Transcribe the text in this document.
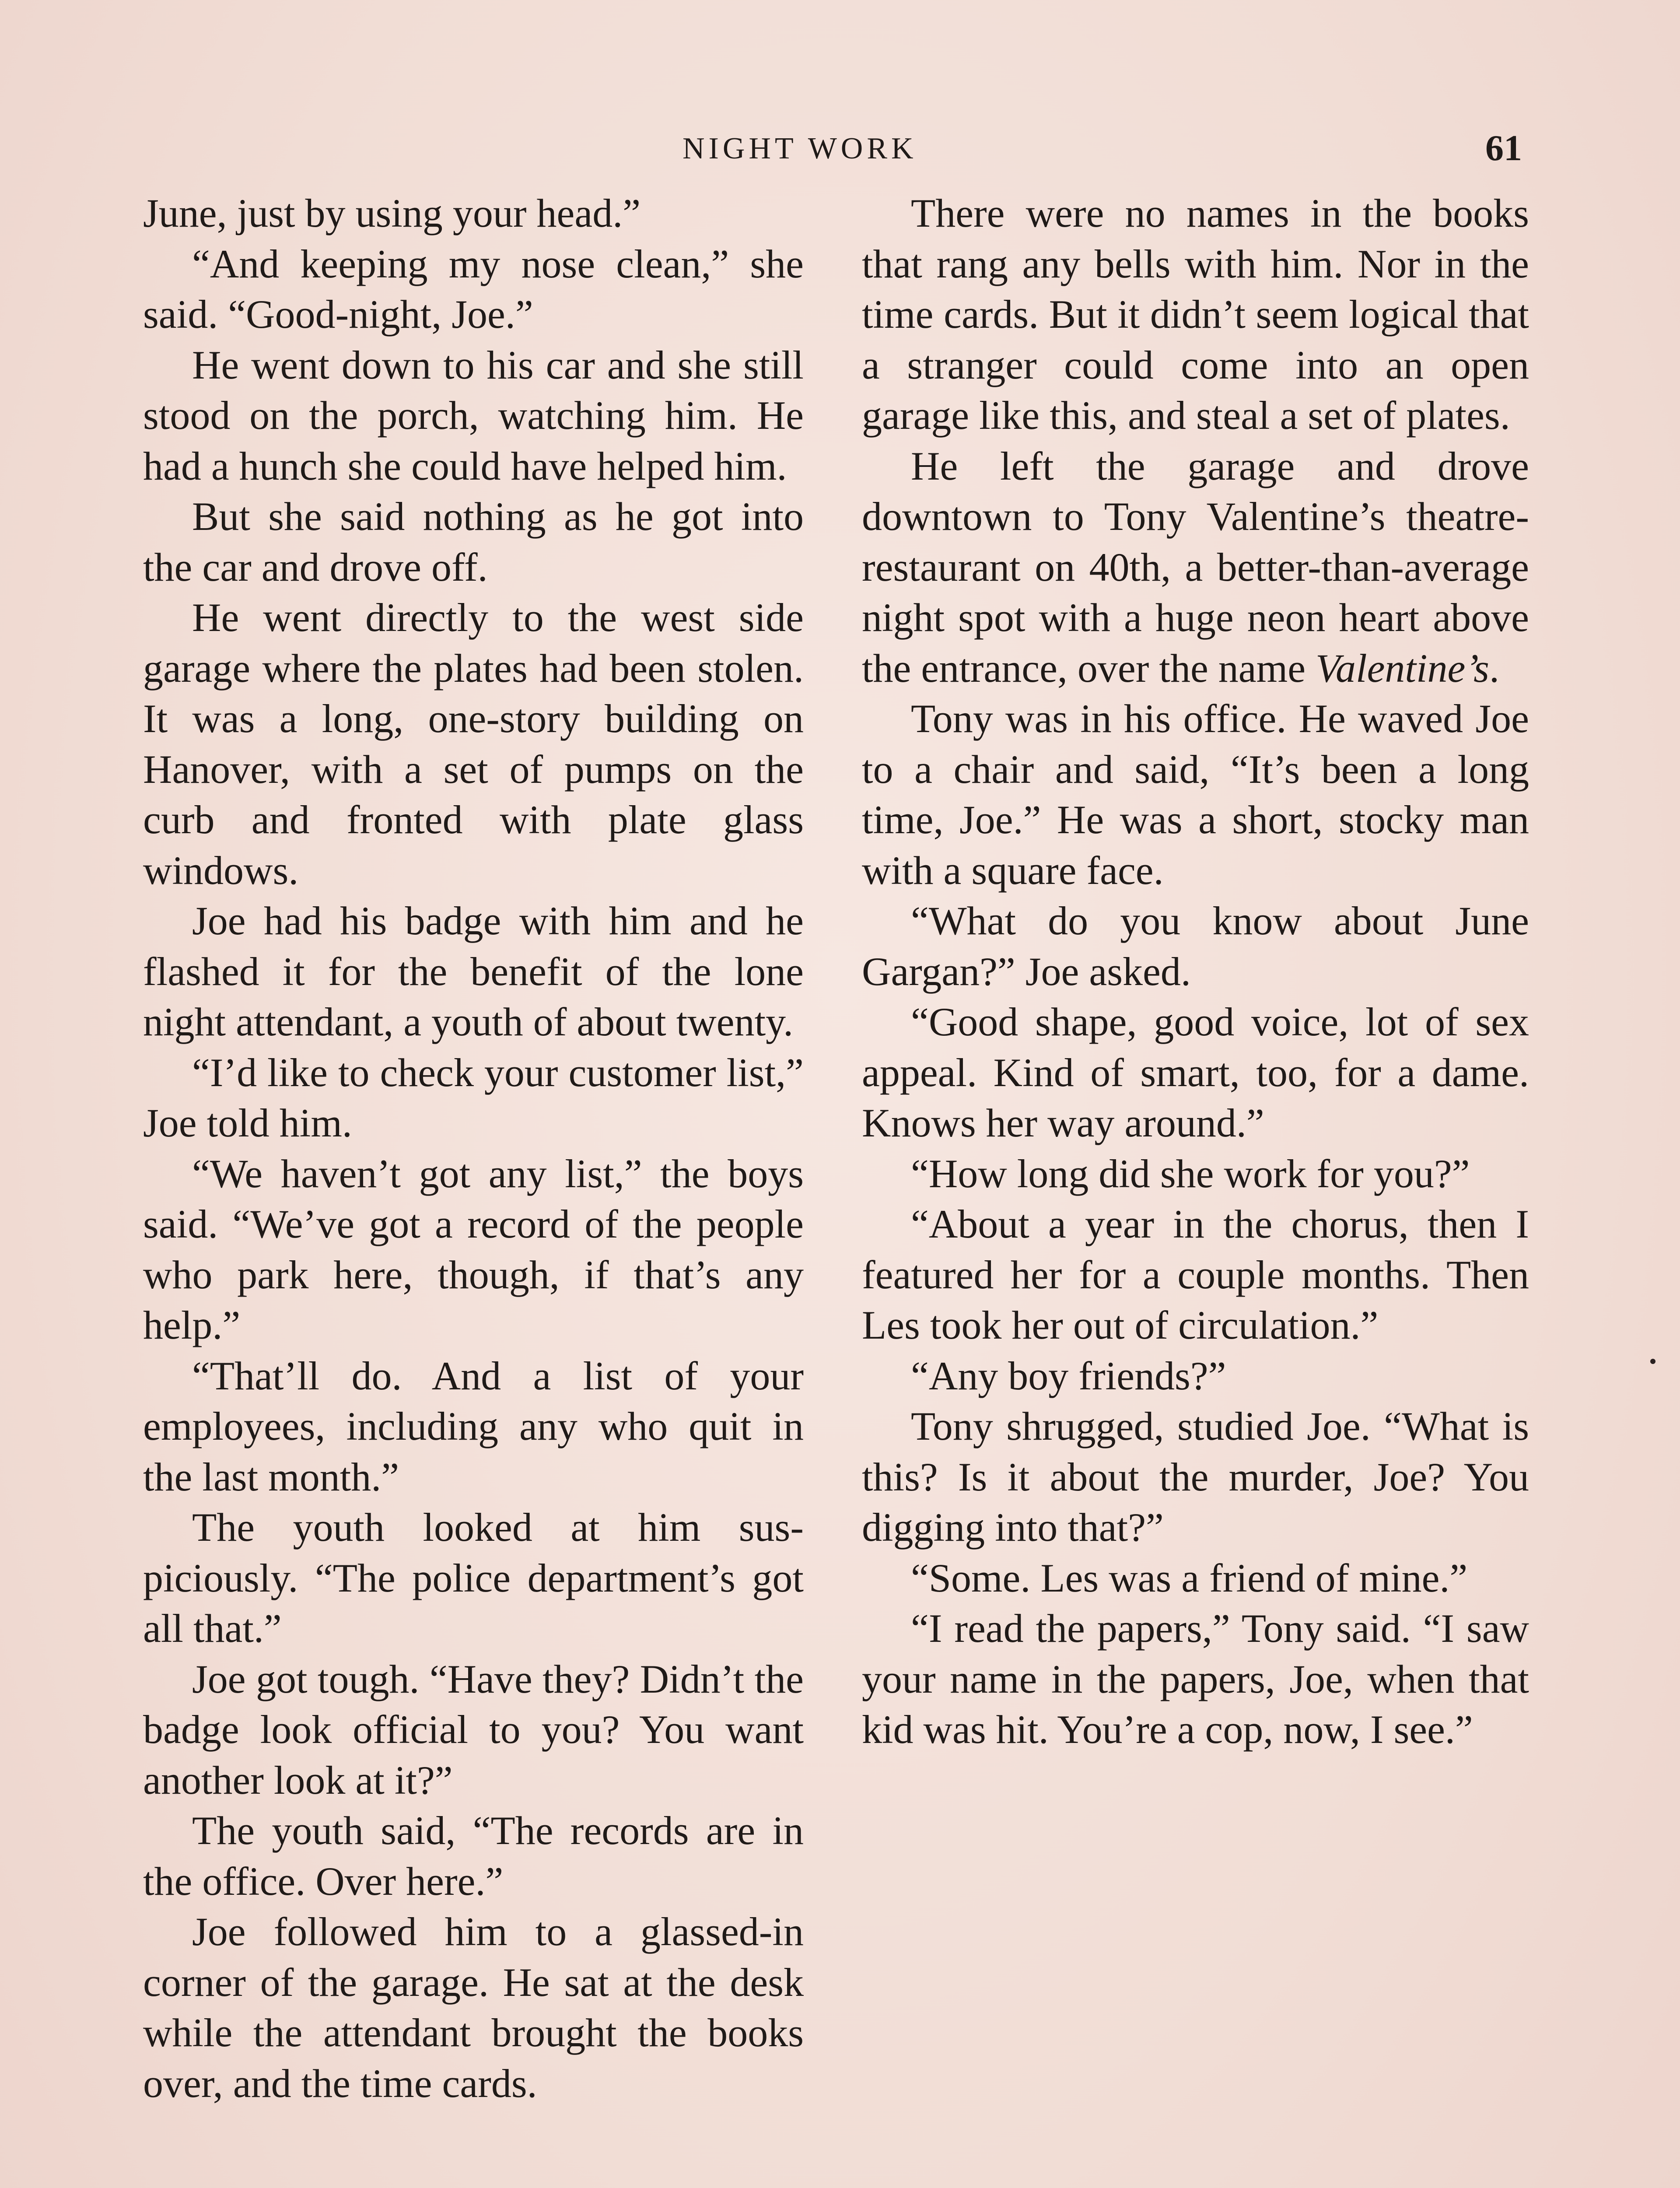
NIGHT WORK	61

June, just by using your head.”

“And keeping my nose clean,” she said. “Good-night, Joe.”

He went down to his car and she still stood on the porch, watching him. He had a hunch she could have helped him.

But she said nothing as he got into the car and drove off.

He went directly to the west side garage where the plates had been stolen. It was a long, one-story building on Hanover, with a set of pumps on the curb and fronted with plate glass windows.

Joe had his badge with him and he flashed it for the benefit of the lone night attendant, a youth of about twenty.

“I’d like to check your customer list,” Joe told him.

“We haven’t got any list,” the boys said. “We’ve got a record of the people who park here, though, if that’s any help.”

“That’ll do. And a list of your employees, including any who quit in the last month.”

The youth looked at him suspiciously. “The police department’s got all that.”

Joe got tough. “Have they? Didn’t the badge look official to you? You want another look at it?”

The youth said, “The records are in the office. Over here.”

Joe followed him to a glassed-in corner of the garage. He sat at the desk while the attendant brought the books over, and the time cards.

There were no names in the books that rang any bells with him. Nor in the time cards. But it didn’t seem logical that a stranger could come into an open garage like this, and steal a set of plates.

He left the garage and drove downtown to Tony Valentine’s theatre-restaurant on 40th, a better-than-average night spot with a huge neon heart above the entrance, over the name Valentine’s.

Tony was in his office. He waved Joe to a chair and said, “It’s been a long time, Joe.” He was a short, stocky man with a square face.

“What do you know about June Gargan?” Joe asked.

“Good shape, good voice, lot of sex appeal. Kind of smart, too, for a dame. Knows her way around.”

“How long did she work for you?”

“About a year in the chorus, then I featured her for a couple months. Then Les took her out of circulation.”

“Any boy friends?”

Tony shrugged, studied Joe. “What is this? Is it about the murder, Joe? You digging into that?”

“Some. Les was a friend of mine.”

“I read the papers,” Tony said. “I saw your name in the papers, Joe, when that kid was hit. You’re a cop, now, I see.”
